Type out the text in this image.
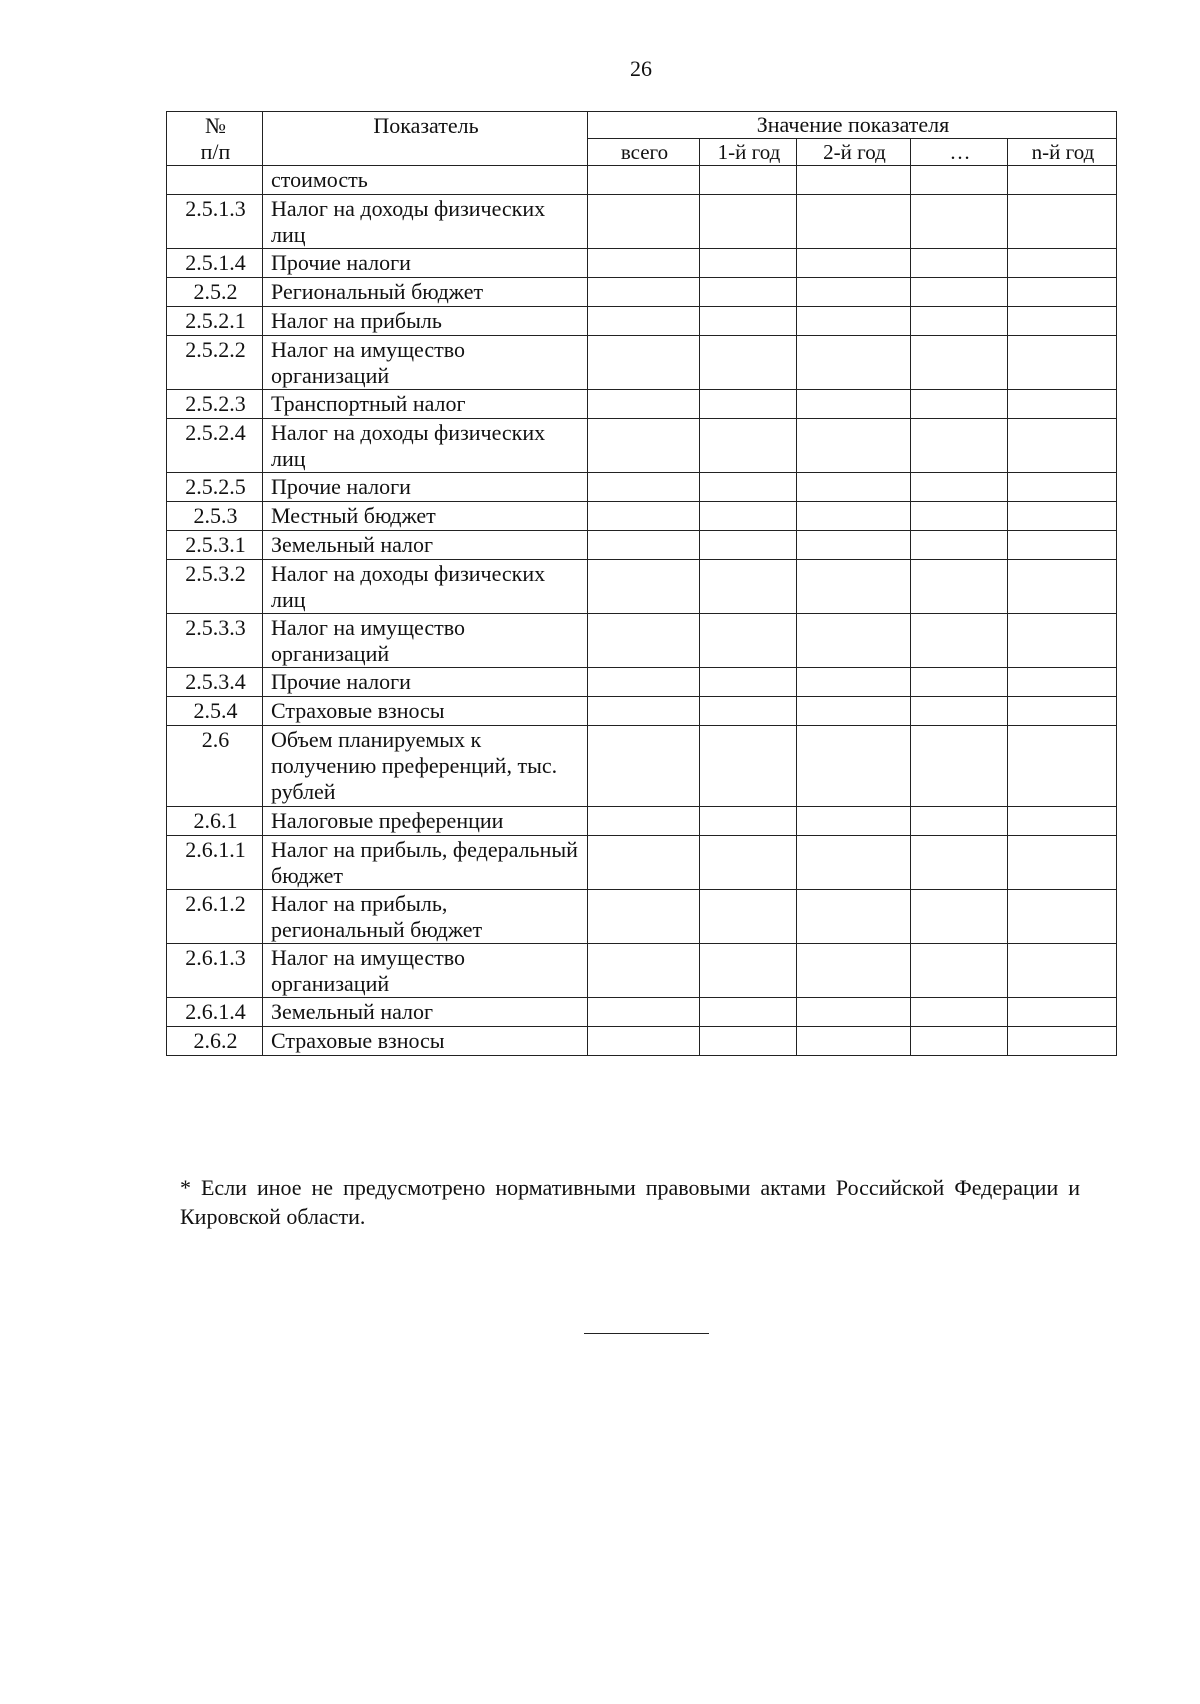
26
№
п/п	Показатель	Значение показателя				
		всего	1-й год	2-й год	…	n-й год
	стоимость					
2.5.1.3	Налог на доходы физических лиц					
2.5.1.4	Прочие налоги					
2.5.2	Региональный бюджет					
2.5.2.1	Налог на прибыль					
2.5.2.2	Налог на имущество организаций					
2.5.2.3	Транспортный налог					
2.5.2.4	Налог на доходы физических лиц					
2.5.2.5	Прочие налоги					
2.5.3	Местный бюджет					
2.5.3.1	Земельный налог					
2.5.3.2	Налог на доходы физических лиц					
2.5.3.3	Налог на имущество организаций					
2.5.3.4	Прочие налоги					
2.5.4	Страховые взносы					
2.6	Объем планируемых к получению преференций, тыс. рублей					
2.6.1	Налоговые преференции					
2.6.1.1	Налог на прибыль, федеральный бюджет					
2.6.1.2	Налог на прибыль, региональный бюджет					
2.6.1.3	Налог на имущество организаций					
2.6.1.4	Земельный налог					
2.6.2	Страховые взносы					
* Если иное не предусмотрено нормативными правовыми актами Российской Федерации и Кировской области.
